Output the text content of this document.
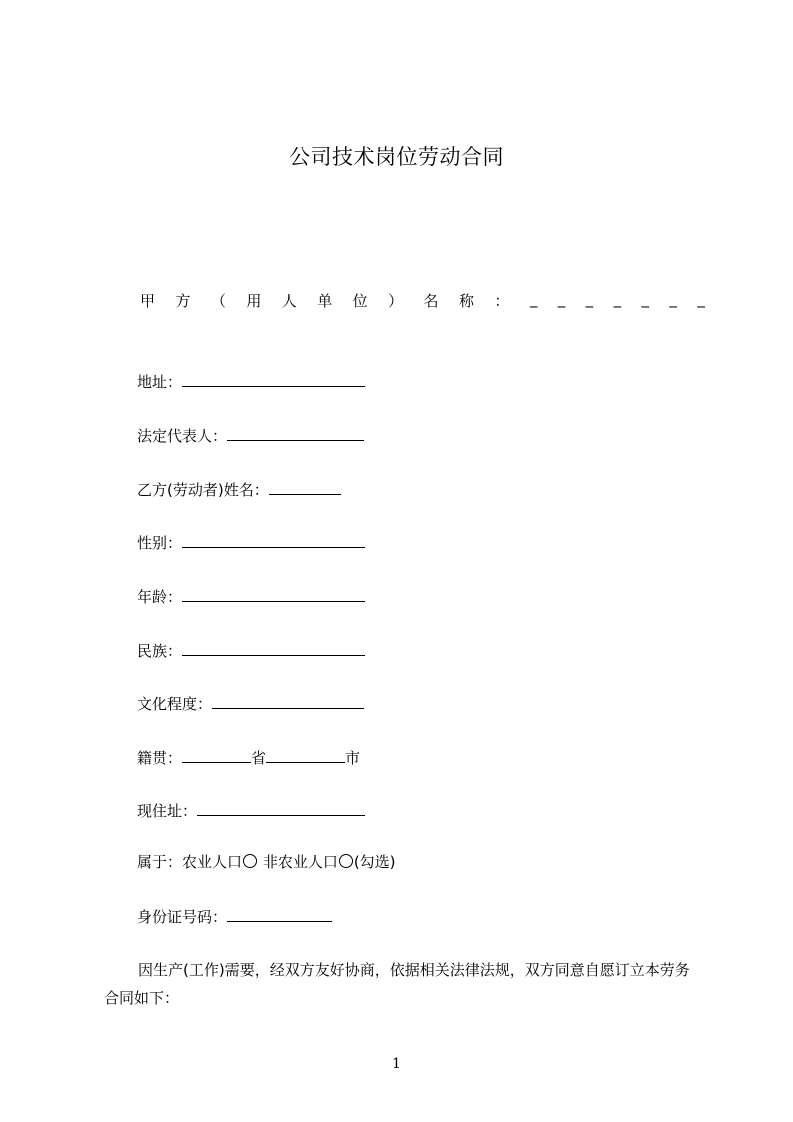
公司技术岗位劳动合同
甲 方 （ 用 人 单 位 ） 名 称 ： _ _ _ _ _ _ _
地址：
法定代表人：
乙方(劳动者)姓名：
性别：
年龄：
民族：
文化程度：
籍贯：	省	市
现住址：
属于：农业人口 非农业人口 (勾选)
身份证号码：
因生产(工作)需要，经双方友好协商，依据相关法律法规，双方同意自愿订立本劳务合同如下：
1
